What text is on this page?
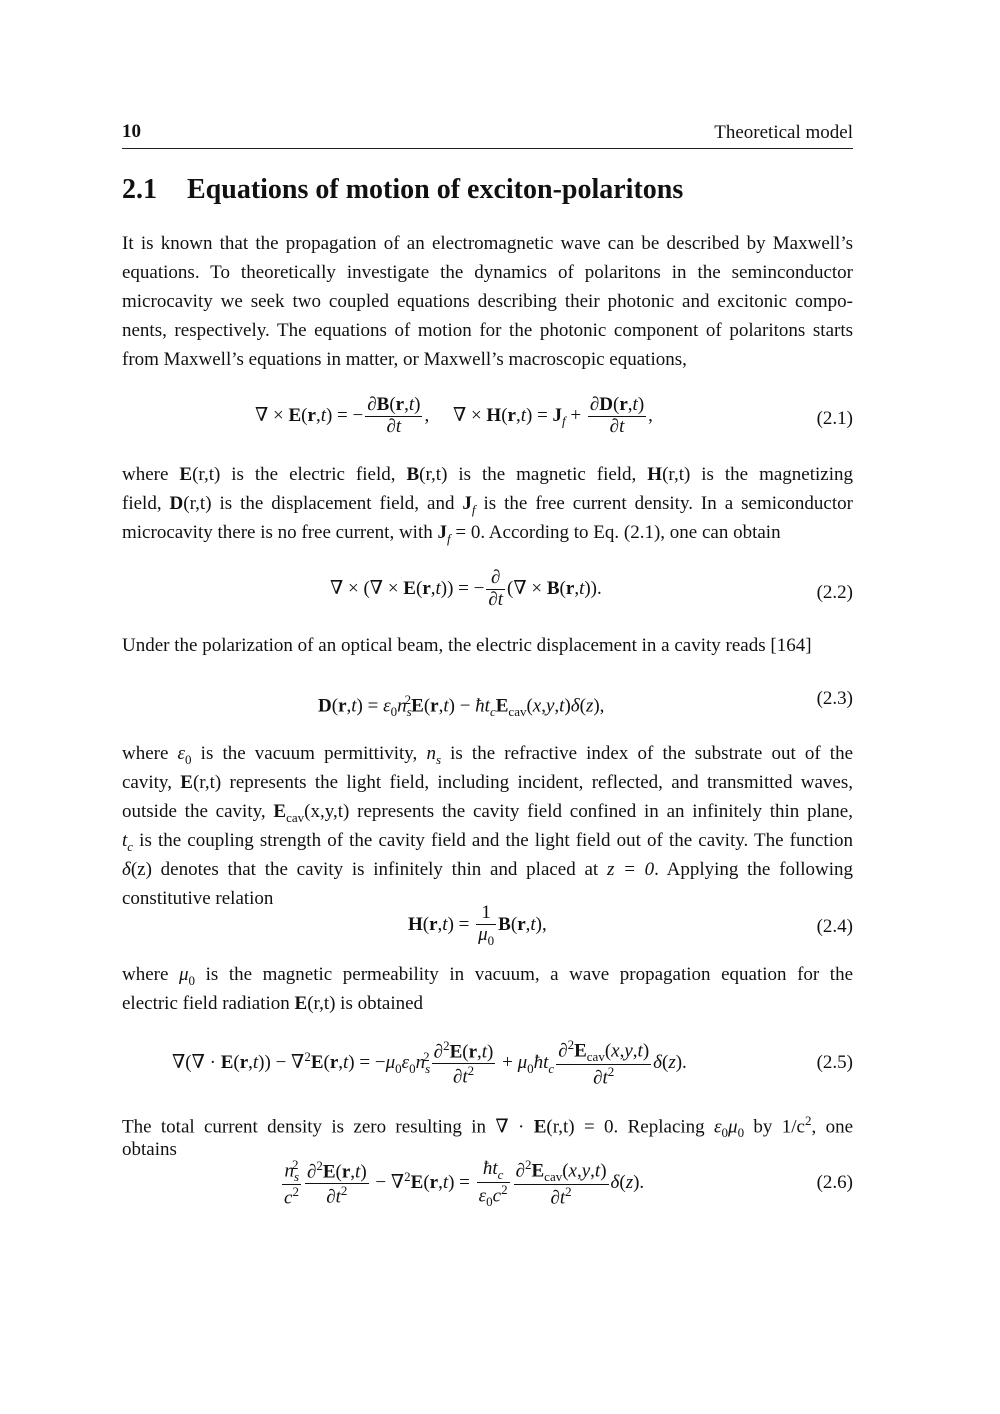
10	Theoretical model
2.1 Equations of motion of exciton-polaritons
It is known that the propagation of an electromagnetic wave can be described by Maxwell’s
equations. To theoretically investigate the dynamics of polaritons in the seminconductor
microcavity we seek two coupled equations describing their photonic and excitonic compo-
nents, respectively. The equations of motion for the photonic component of polaritons starts
from Maxwell’s equations in matter, or Maxwell’s macroscopic equations,
∇ × E(r,t) = − $\frac{\partial B(r,t)}{\partial t}$ ,     ∇ × $H(r,t) = J_f + \frac{\partial D(r,t)}{\partial t}$ ,	(2.1)
where E(r,t) is the electric field, B(r,t) is the magnetic field, H(r,t) is the magnetizing
field, D(r,t) is the displacement field, and $J_f$ is the free current density. In a semiconductor
microcavity there is no free current, with $J_f = 0$. According to Eq. (2.1), one can obtain
∇ × (∇ × E(r,t)) = − $\frac{\partial}{\partial t}$ (∇ × B(r,t)).	(2.2)
Under the polarization of an optical beam, the electric displacement in a cavity reads [164]
$D(r,t) = \varepsilon_0n_s^2E(r,t)$ − $ħt_cE_{cav}(x,y,t)\delta(z)$,	(2.3)
where $\varepsilon_0$ is the vacuum permittivity, $n_s$ is the refractive index of the substrate out of the
cavity, E(r,t) represents the light field, including incident, reflected, and transmitted waves,
outside the cavity, $E_{cav}(x,y,t)$ represents the cavity field confined in an infinitely thin plane,
$t_c$ is the coupling strength of the cavity field and the light field out of the cavity. The function
δ(z) denotes that the cavity is infinitely thin and placed at z = 0. Applying the following
constitutive relation
$H(r,t) = \frac{1}{\mu_0} B(r,t)$,	(2.4)
where $\mu_0$ is the magnetic permeability in vacuum, a wave propagation equation for the
electric field radiation E(r,t) is obtained
∇(∇ · $E(r,t)) - \nabla^2E(r,t) = -\mu_0\varepsilon_0n_s^2 \frac{\partial^2E(r,t)}{\partial t^2}$ + $\mu_0ħt_c \frac{\partial^2E_{cav}(x,y,t)}{\partial t^2} \delta(z)$.	(2.5)
The total current density is zero resulting in ∇ · E(r,t) = 0. Replacing $\varepsilon_0\mu_0$ by $1/c^2$, one
obtains
$\frac{n_s^2}{c^2} \frac{\partial^2E(r,t)}{\partial t^2} - \nabla^2E(r,t) = \frac{ħt_c}{\varepsilon_0c^2} \frac{\partial^2E_{cav}(x,y,t)}{\partial t^2} \delta(z)$.	(2.6)
